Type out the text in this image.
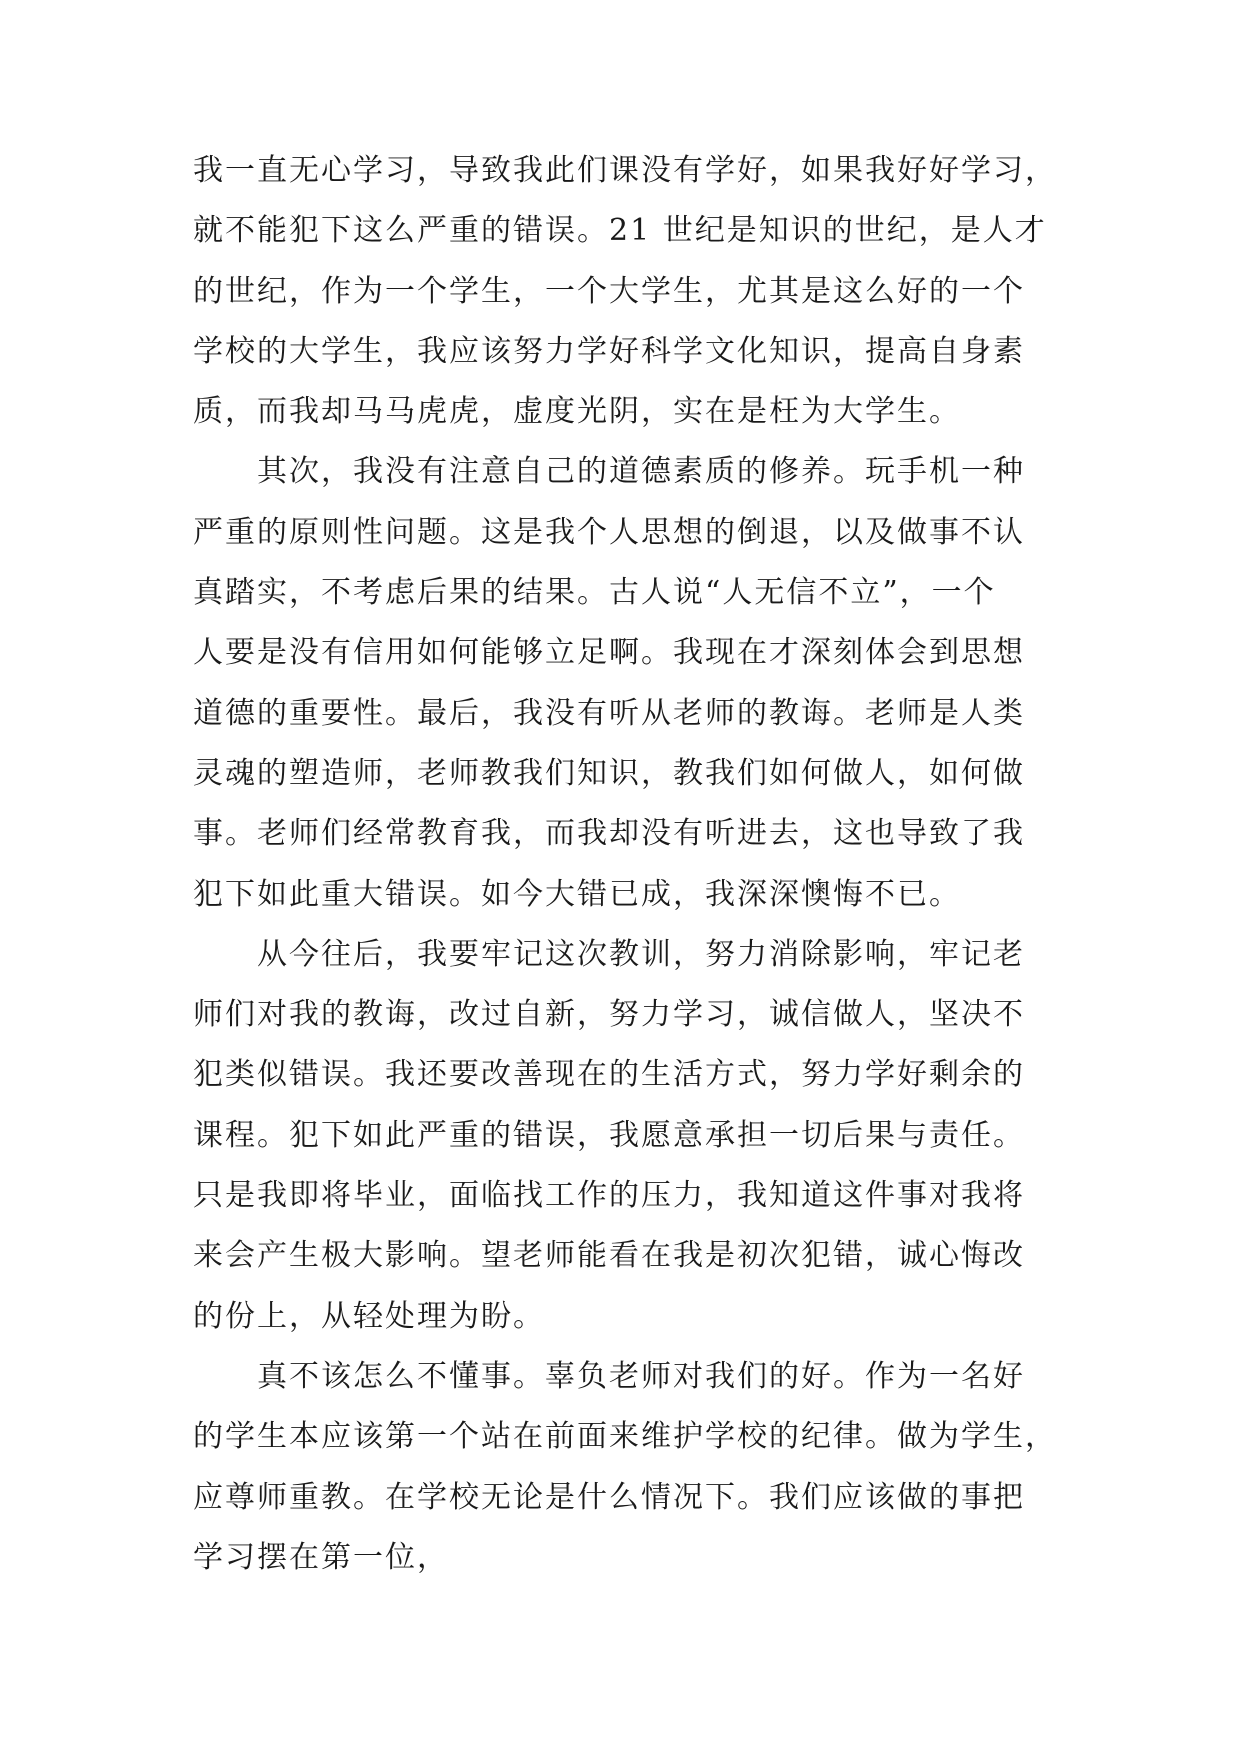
我一直无心学习，导致我此们课没有学好，如果我好好学习，
就不能犯下这么严重的错误。21 世纪是知识的世纪，是人才
的世纪，作为一个学生，一个大学生，尤其是这么好的一个
学校的大学生，我应该努力学好科学文化知识，提高自身素
质，而我却马马虎虎，虚度光阴，实在是枉为大学生。
其次，我没有注意自己的道德素质的修养。玩手机一种
严重的原则性问题。这是我个人思想的倒退，以及做事不认
真踏实，不考虑后果的结果。古人说“人无信不立”，一个
人要是没有信用如何能够立足啊。我现在才深刻体会到思想
道德的重要性。最后，我没有听从老师的教诲。老师是人类
灵魂的塑造师，老师教我们知识，教我们如何做人，如何做
事。老师们经常教育我，而我却没有听进去，这也导致了我
犯下如此重大错误。如今大错已成，我深深懊悔不已。
从今往后，我要牢记这次教训，努力消除影响，牢记老
师们对我的教诲，改过自新，努力学习，诚信做人，坚决不
犯类似错误。我还要改善现在的生活方式，努力学好剩余的
课程。犯下如此严重的错误，我愿意承担一切后果与责任。
只是我即将毕业，面临找工作的压力，我知道这件事对我将
来会产生极大影响。望老师能看在我是初次犯错，诚心悔改
的份上，从轻处理为盼。
真不该怎么不懂事。辜负老师对我们的好。作为一名好
的学生本应该第一个站在前面来维护学校的纪律。做为学生，
应尊师重教。在学校无论是什么情况下。我们应该做的事把
学习摆在第一位，
